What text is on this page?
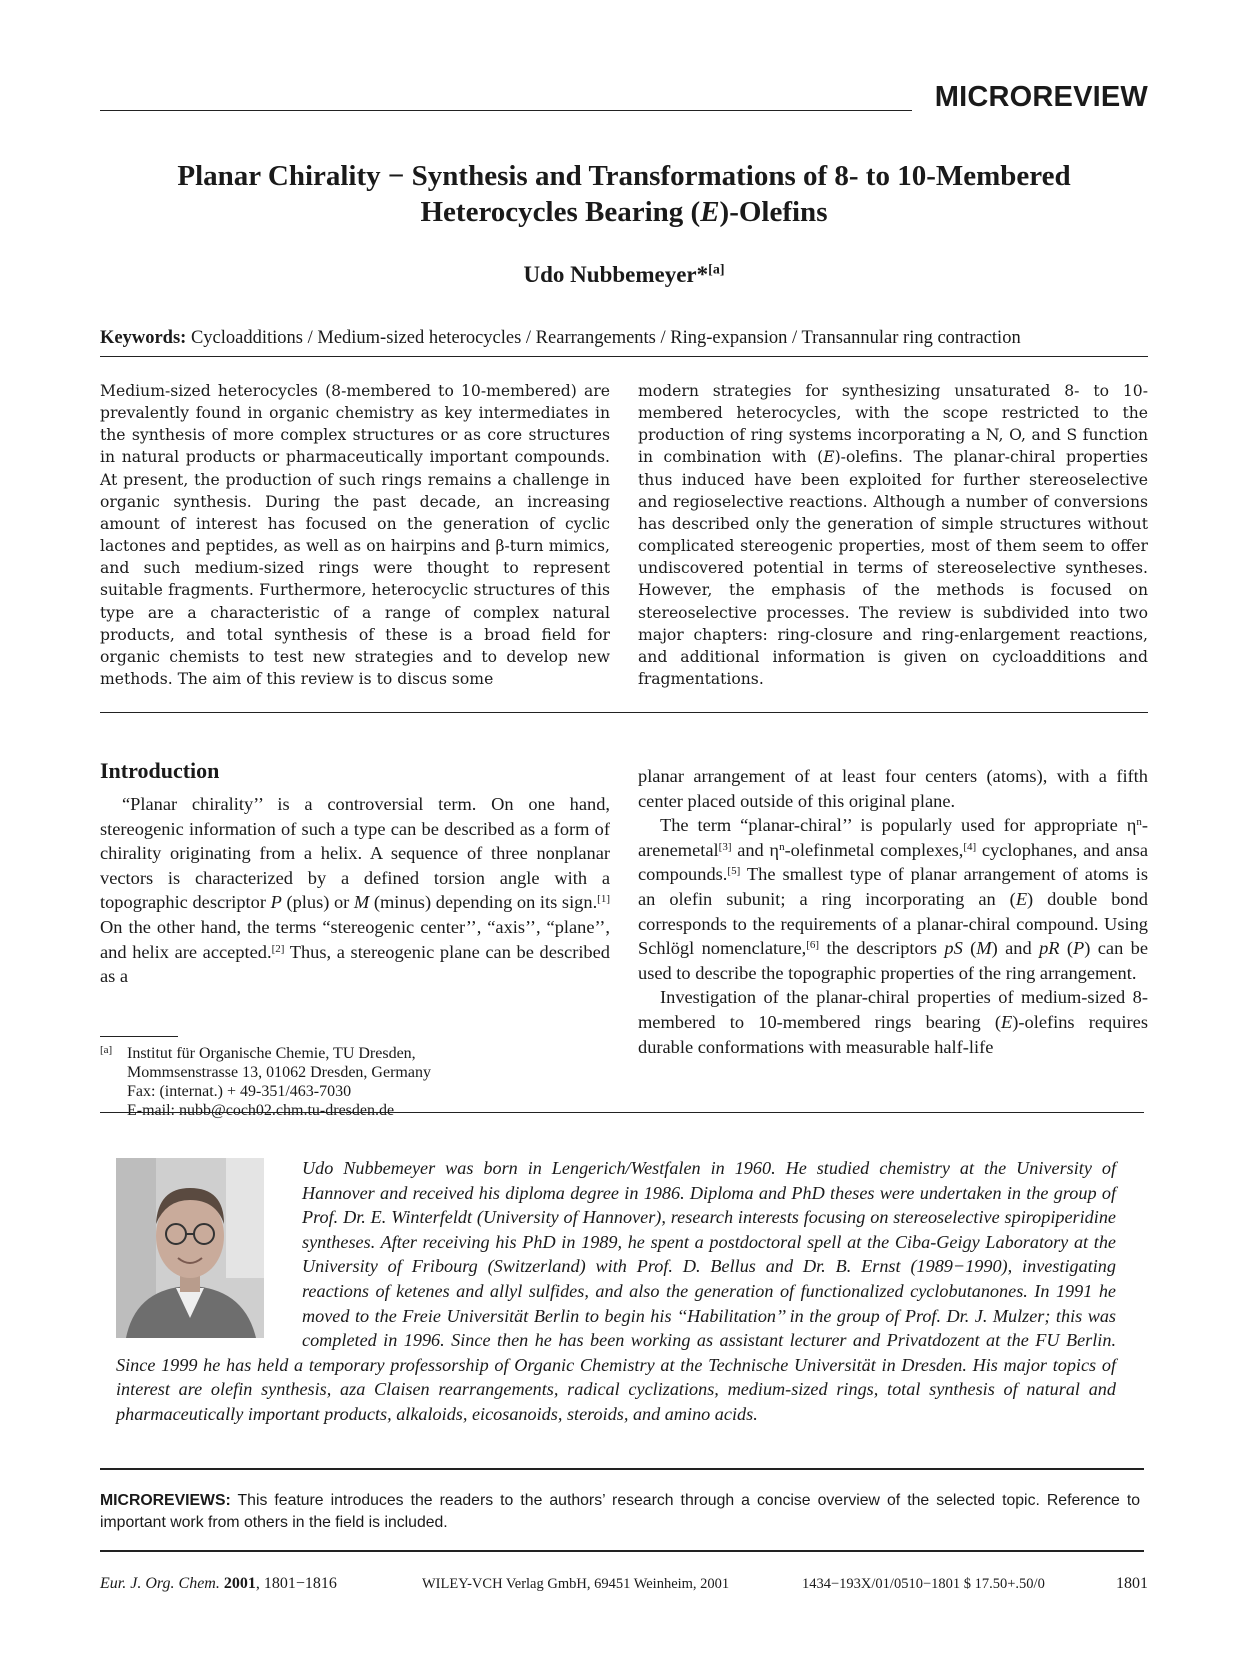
MICROREVIEW
Planar Chirality − Synthesis and Transformations of 8- to 10-Membered
Heterocycles Bearing (E)-Olefins
Udo Nubbemeyer*[a]
Keywords: Cycloadditions / Medium-sized heterocycles / Rearrangements / Ring-expansion / Transannular ring contraction
Medium-sized heterocycles (8-membered to 10-membered) are prevalently found in organic chemistry as key intermediates in the synthesis of more complex structures or as core structures in natural products or pharmaceutically important compounds. At present, the production of such rings remains a challenge in organic synthesis. During the past decade, an increasing amount of interest has focused on the generation of cyclic lactones and peptides, as well as on hairpins and β-turn mimics, and such medium-sized rings were thought to represent suitable fragments. Furthermore, heterocyclic structures of this type are a characteristic of a range of complex natural products, and total synthesis of these is a broad field for organic chemists to test new strategies and to develop new methods. The aim of this review is to discus some
modern strategies for synthesizing unsaturated 8- to 10-membered heterocycles, with the scope restricted to the production of ring systems incorporating a N, O, and S function in combination with (E)-olefins. The planar-chiral properties thus induced have been exploited for further stereoselective and regioselective reactions. Although a number of conversions has described only the generation of simple structures without complicated stereogenic properties, most of them seem to offer undiscovered potential in terms of stereoselective syntheses. However, the emphasis of the methods is focused on stereoselective processes. The review is subdivided into two major chapters: ring-closure and ring-enlargement reactions, and additional information is given on cycloadditions and fragmentations.
Introduction

“Planar chirality’’ is a controversial term. On one hand, stereogenic information of such a type can be described as a form of chirality originating from a helix. A sequence of three nonplanar vectors is characterized by a defined torsion angle with a topographic descriptor P (plus) or M (minus) depending on its sign.[1] On the other hand, the terms “stereogenic center’’, “axis’’, “plane’’, and helix are accepted.[2] Thus, a stereogenic plane can be described as a

planar arrangement of at least four centers (atoms), with a fifth center placed outside of this original plane.

The term “planar-chiral’’ is popularly used for appropriate $\eta^n-arenemetal[3]$ and $\eta^n$-olefinmetal complexes,[4] cyclophanes, and ansa compounds.[5] The smallest type of planar arrangement of atoms is an olefin subunit; a ring incorporating an (E) double bond corresponds to the requirements of a planar-chiral compound. Using Schlögl nomenclature,[6] the descriptors pS (M) and pR (P) can be used to describe the topographic properties of the ring arrangement.

Investigation of the planar-chiral properties of medium-sized 8-membered to 10-membered rings bearing (E)-olefins requires durable conformations with measurable half-life

[a] Institut für Organische Chemie, TU Dresden,
Mommsenstrasse 13, 01062 Dresden, Germany
Fax: (internat.) + 49-351/463-7030
E-mail: nubb@coch02.chm.tu-dresden.de
Udo Nubbemeyer was born in Lengerich/Westfalen in 1960. He studied chemistry at the University of Hannover and received his diploma degree in 1986. Diploma and PhD theses were undertaken in the group of Prof. Dr. E. Winterfeldt (University of Hannover), research interests focusing on stereoselective spiropiperidine syntheses. After receiving his PhD in 1989, he spent a postdoctoral spell at the Ciba-Geigy Laboratory at the University of Fribourg (Switzerland) with Prof. D. Bellus and Dr. B. Ernst (1989−1990), investigating reactions of ketenes and allyl sulfides, and also the generation of functionalized cyclobutanones. In 1991 he moved to the Freie Universität Berlin to begin his ‘‘Habilitation’’ in the group of Prof. Dr. J. Mulzer; this was completed in 1996. Since then he has been working as assistant lecturer and Privatdozent at the FU Berlin. Since 1999 he has held a temporary professorship of Organic Chemistry at the Technische Universität in Dresden. His major topics of interest are olefin synthesis, aza Claisen rearrangements, radical cyclizations, medium-sized rings, total synthesis of natural and pharmaceutically important products, alkaloids, eicosanoids, steroids, and amino acids.
MICROREVIEWS: This feature introduces the readers to the authors’ research through a concise overview of the selected topic. Reference to important work from others in the field is included.
Eur. J. Org. Chem. 2001, 1801−1816	WILEY-VCH Verlag GmbH, 69451 Weinheim, 2001	1434−193X/01/0510−1801 $ 17.50+.50/0	1801
